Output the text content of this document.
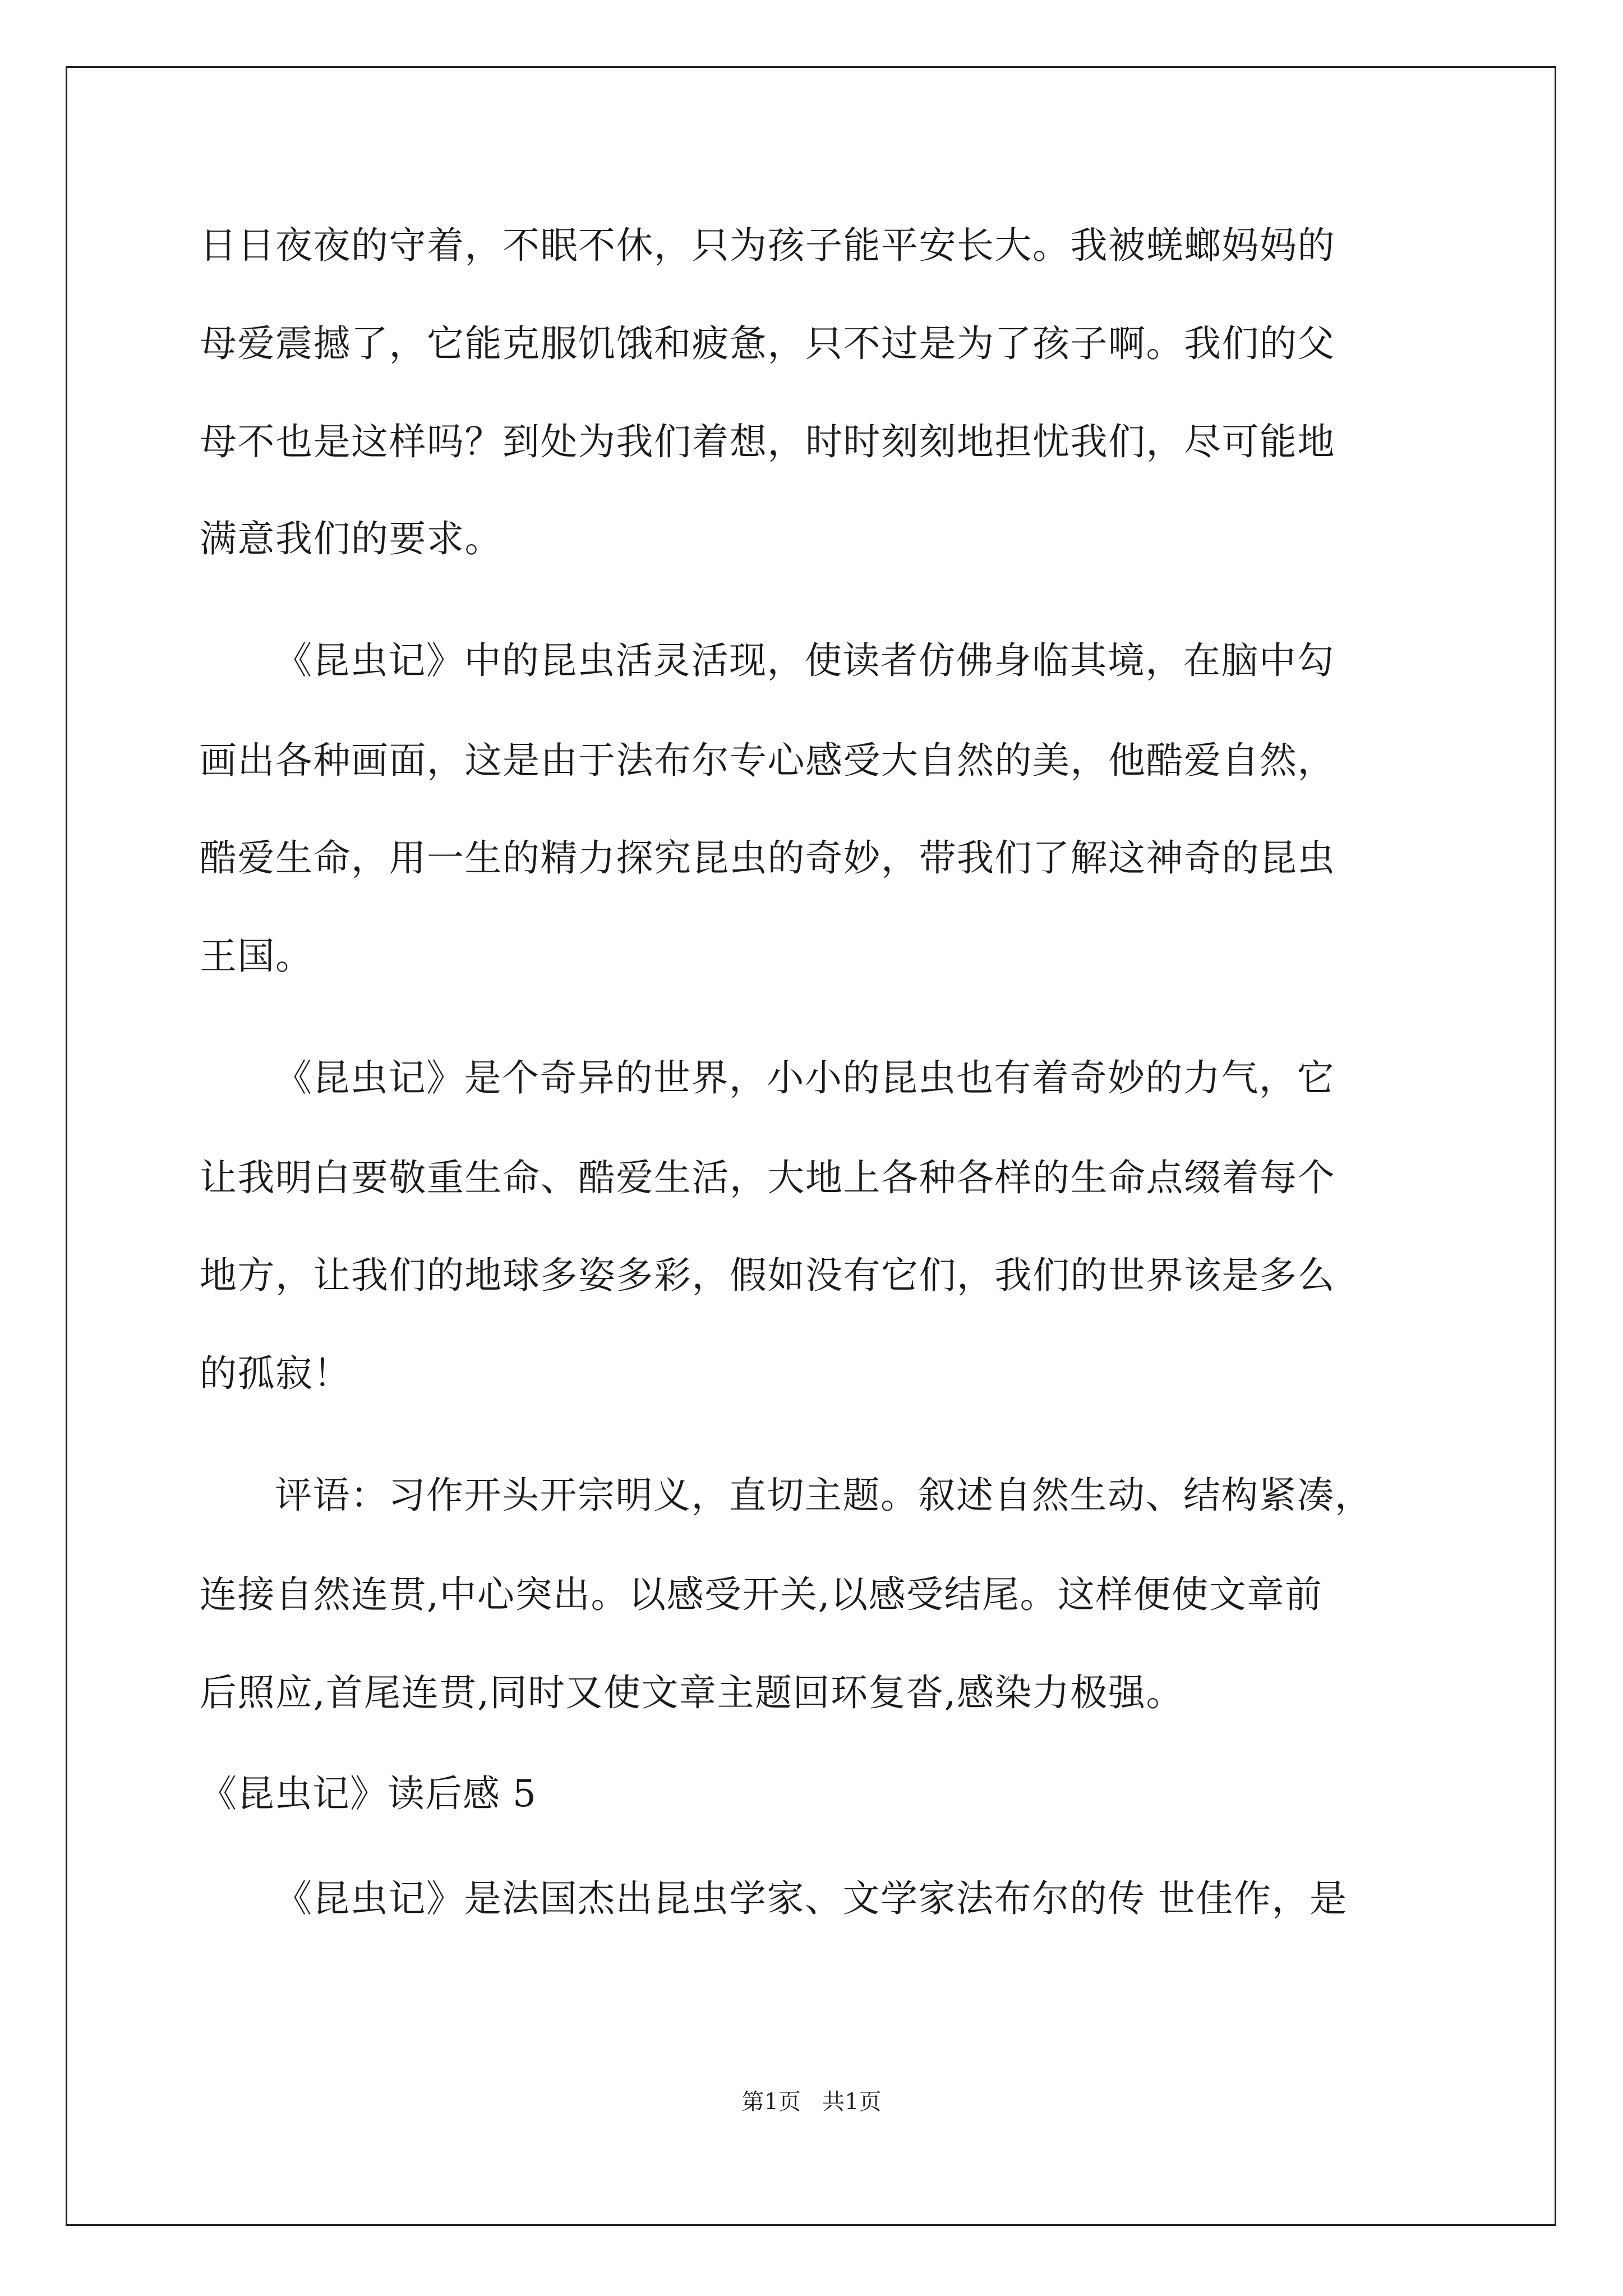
日日夜夜的守着，不眠不休，只为孩子能平安长大。我被蜣螂妈妈的
母爱震撼了，它能克服饥饿和疲惫，只不过是为了孩子啊。我们的父
母不也是这样吗？到处为我们着想，时时刻刻地担忧我们，尽可能地
满意我们的要求。
《昆虫记》中的昆虫活灵活现，使读者仿佛身临其境，在脑中勾
画出各种画面，这是由于法布尔专心感受大自然的美，他酷爱自然，
酷爱生命，用一生的精力探究昆虫的奇妙，带我们了解这神奇的昆虫
王国。
《昆虫记》是个奇异的世界，小小的昆虫也有着奇妙的力气，它
让我明白要敬重生命、酷爱生活，大地上各种各样的生命点缀着每个
地方，让我们的地球多姿多彩，假如没有它们，我们的世界该是多么
的孤寂！
评语：习作开头开宗明义，直切主题。叙述自然生动、结构紧凑，
连接自然连贯,中心突出。以感受开关,以感受结尾。这样便使文章前
后照应,首尾连贯,同时又使文章主题回环复沓,感染力极强。
《昆虫记》读后感 5
《昆虫记》是法国杰出昆虫学家、文学家法布尔的传 世佳作，是
第1页   共1页
